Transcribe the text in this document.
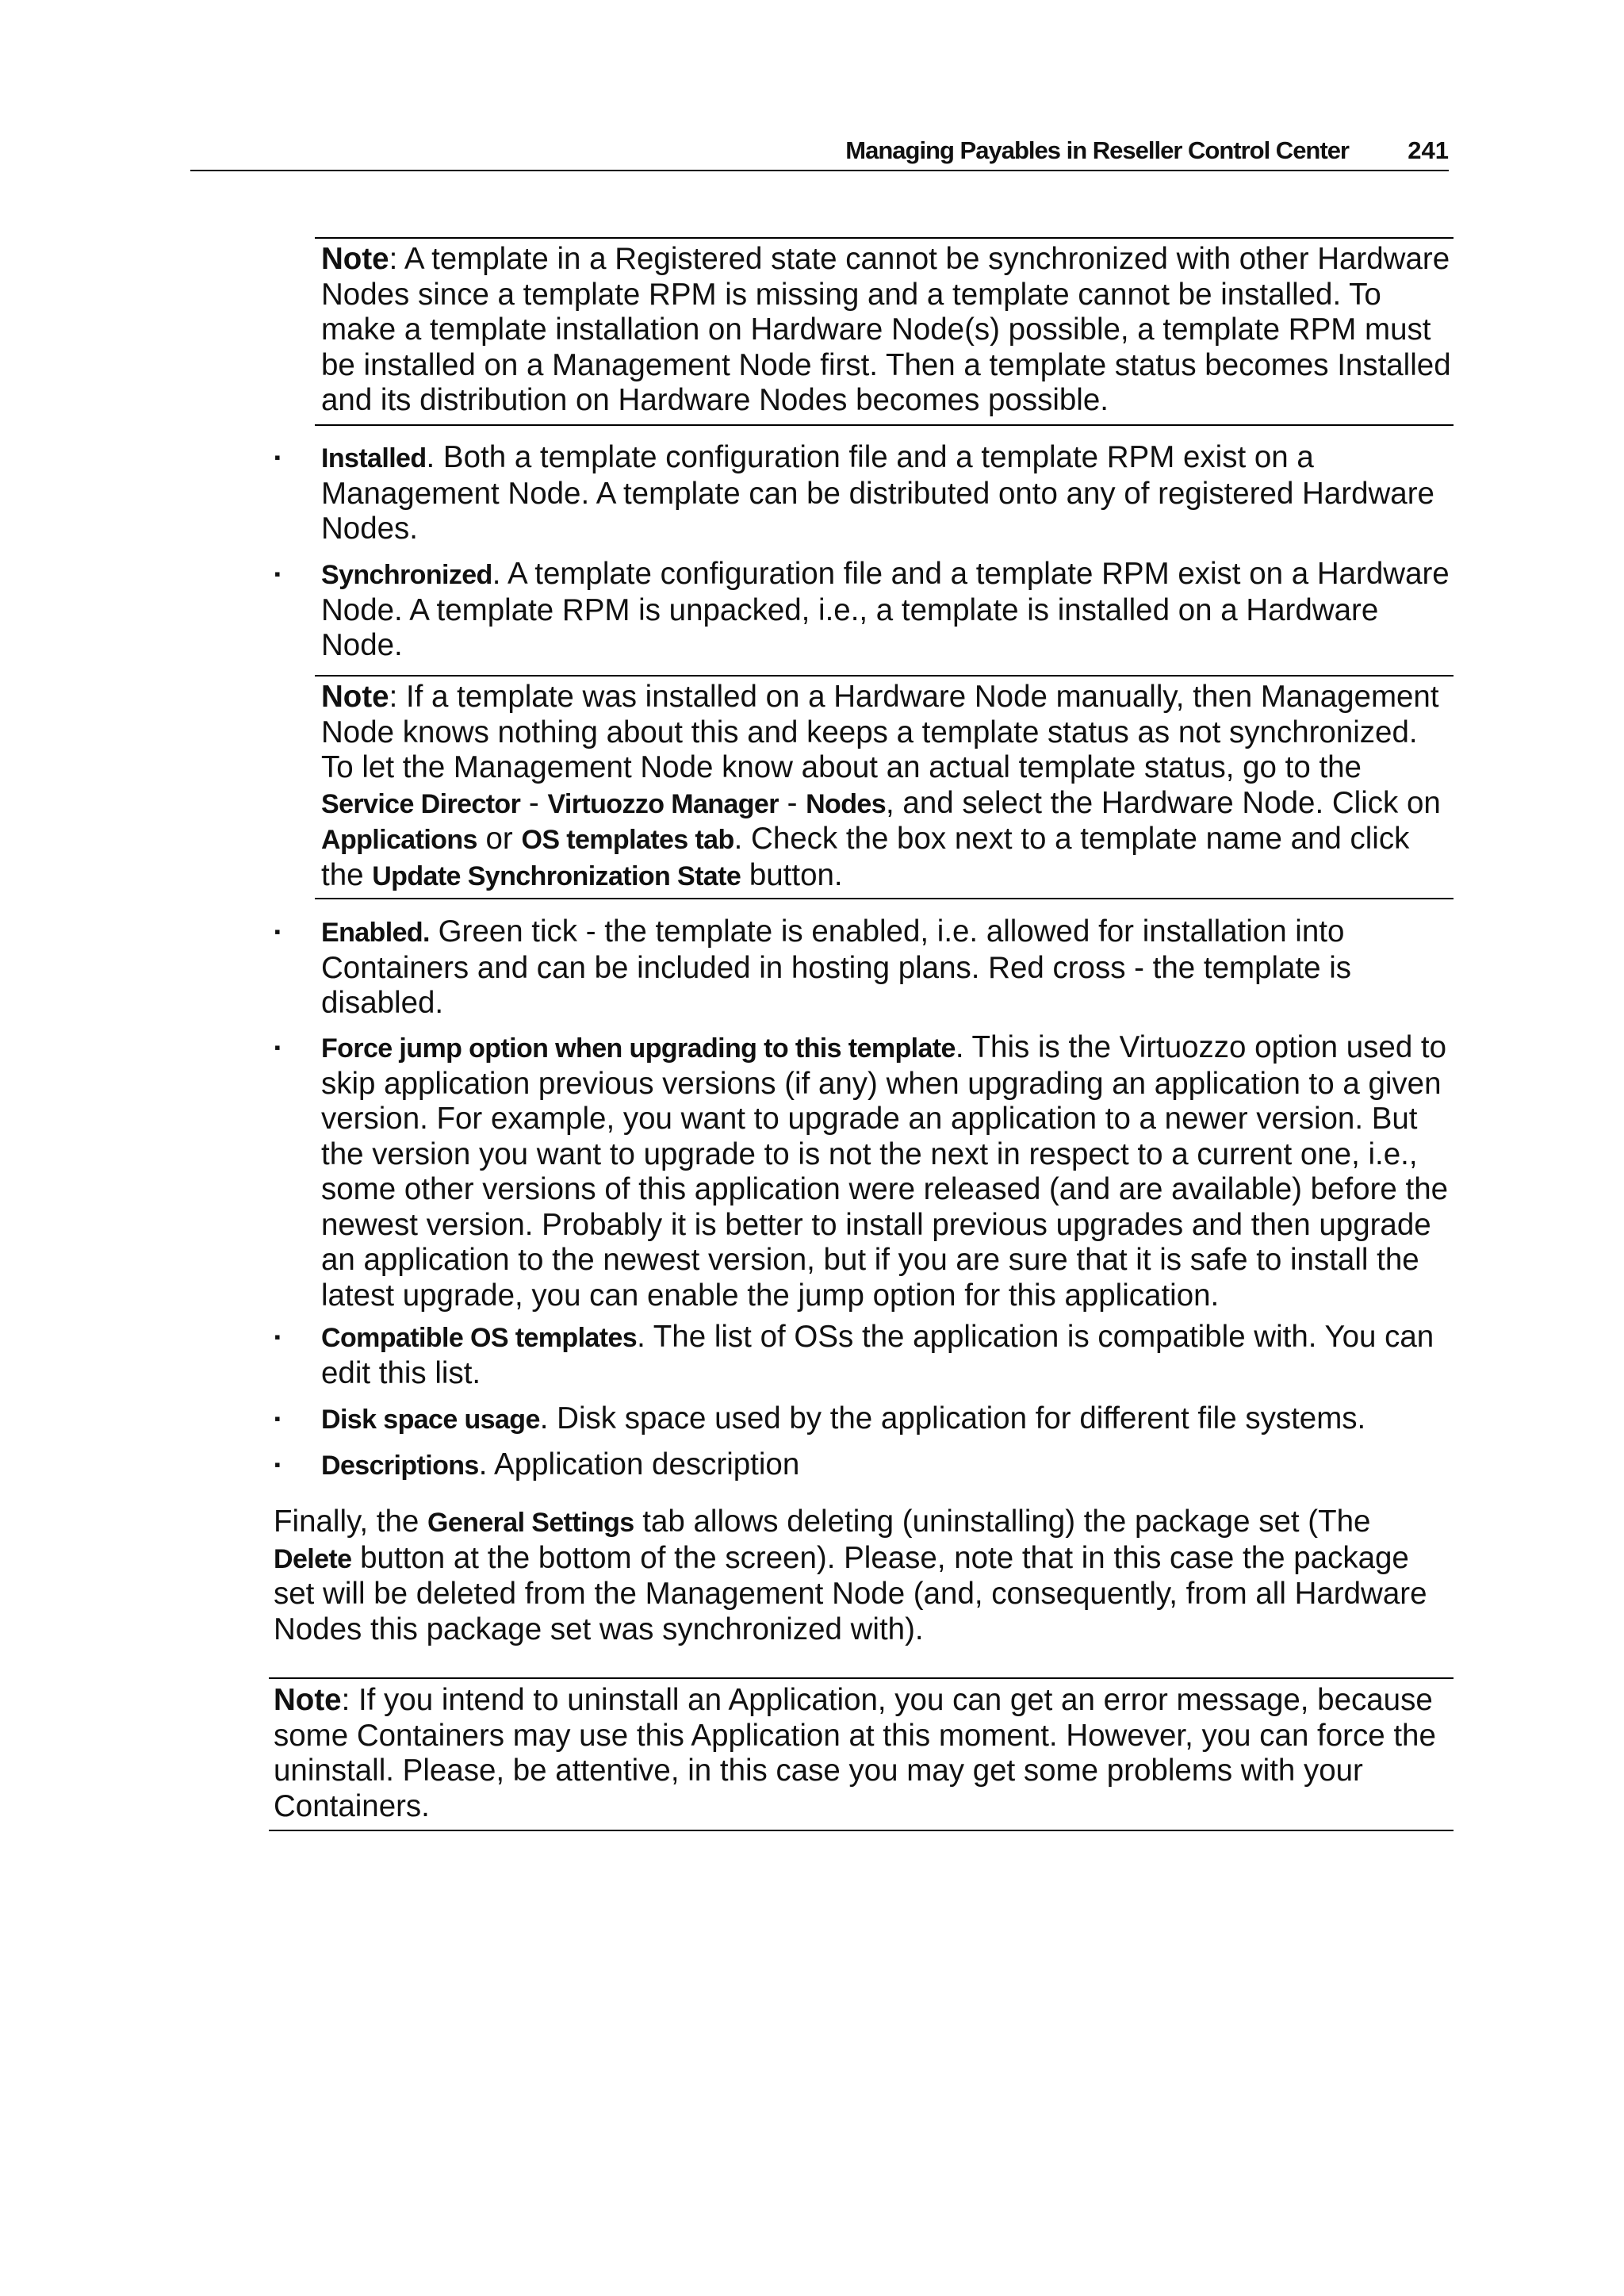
Managing Payables in Reseller Control Center 241

Note: A template in a Registered state cannot be synchronized with other Hardware Nodes since a template RPM is missing and a template cannot be installed. To make a template installation on Hardware Node(s) possible, a template RPM must be installed on a Management Node first. Then a template status becomes Installed and its distribution on Hardware Nodes becomes possible.

▪ Installed. Both a template configuration file and a template RPM exist on a Management Node. A template can be distributed onto any of registered Hardware Nodes.

▪ Synchronized. A template configuration file and a template RPM exist on a Hardware Node. A template RPM is unpacked, i.e., a template is installed on a Hardware Node.

Note: If a template was installed on a Hardware Node manually, then Management Node knows nothing about this and keeps a template status as not synchronized. To let the Management Node know about an actual template status, go to the Service Director - Virtuozzo Manager - Nodes, and select the Hardware Node. Click on Applications or OS templates tab. Check the box next to a template name and click the Update Synchronization State button.

▪ Enabled. Green tick - the template is enabled, i.e. allowed for installation into Containers and can be included in hosting plans. Red cross - the template is disabled.

▪ Force jump option when upgrading to this template. This is the Virtuozzo option used to skip application previous versions (if any) when upgrading an application to a given version. For example, you want to upgrade an application to a newer version. But the version you want to upgrade to is not the next in respect to a current one, i.e., some other versions of this application were released (and are available) before the newest version. Probably it is better to install previous upgrades and then upgrade an application to the newest version, but if you are sure that it is safe to install the latest upgrade, you can enable the jump option for this application.

▪ Compatible OS templates. The list of OSs the application is compatible with. You can edit this list.

▪ Disk space usage. Disk space used by the application for different file systems.

▪ Descriptions. Application description

Finally, the General Settings tab allows deleting (uninstalling) the package set (The Delete button at the bottom of the screen). Please, note that in this case the package set will be deleted from the Management Node (and, consequently, from all Hardware Nodes this package set was synchronized with).

Note: If you intend to uninstall an Application, you can get an error message, because some Containers may use this Application at this moment. However, you can force the uninstall. Please, be attentive, in this case you may get some problems with your Containers.
